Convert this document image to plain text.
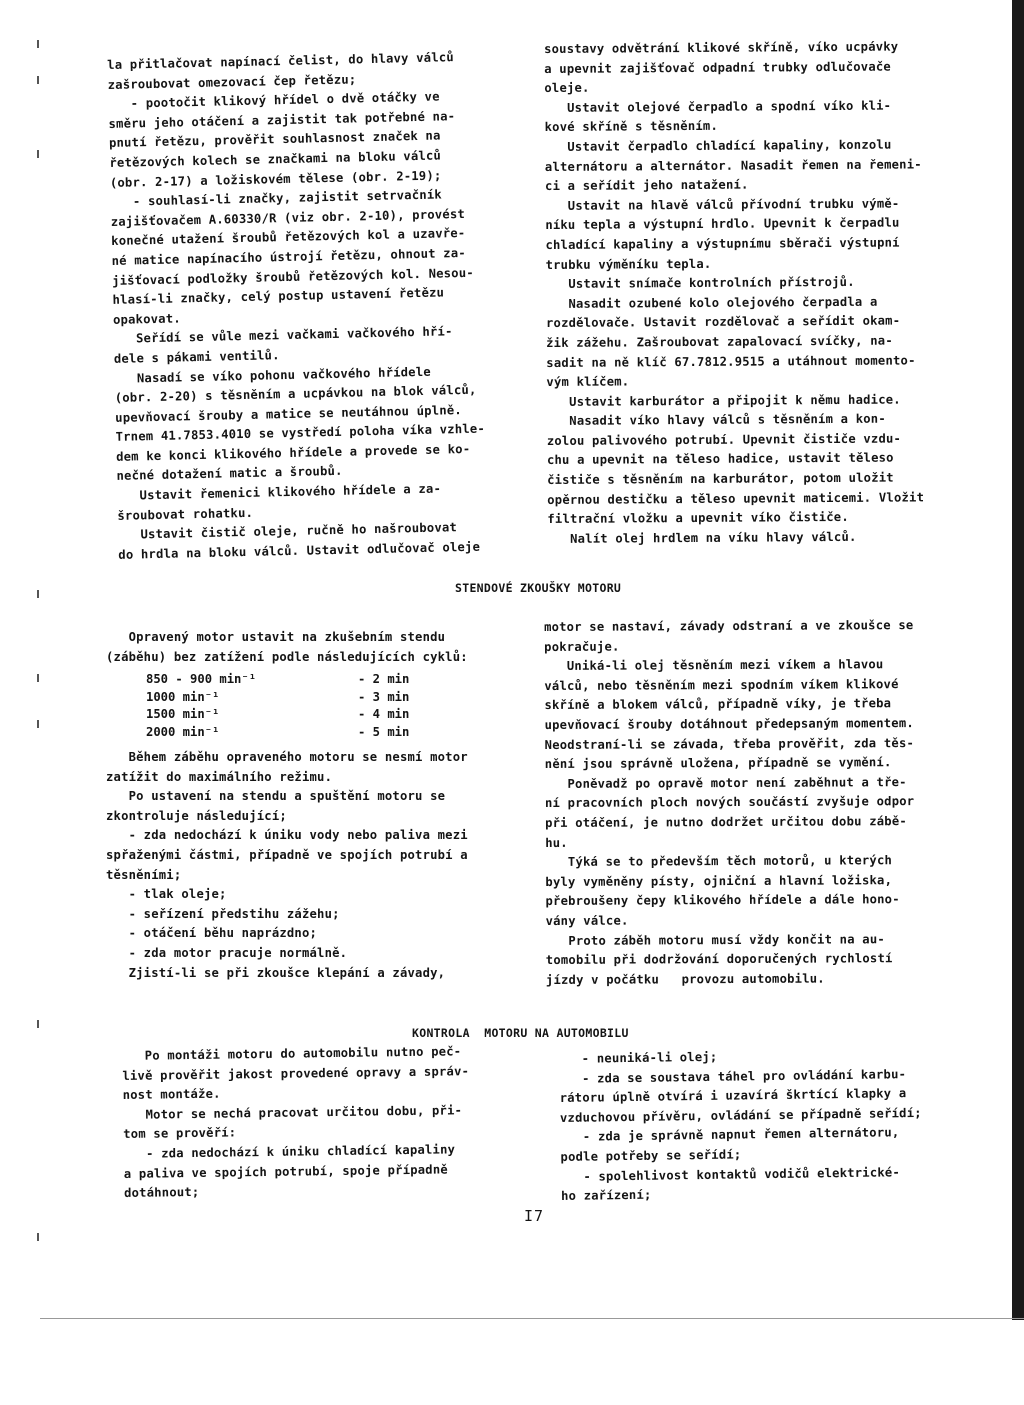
la přitlačovat napínací čelist, do hlavy válců

zašroubovat omezovací čep řetězu;

- pootočit klikový hřídel o dvě otáčky ve

směru jeho otáčení a zajistit tak potřebné na-

pnutí řetězu, prověřit souhlasnost značek na

řetězových kolech se značkami na bloku válců

(obr. 2-17) a ložiskovém tělese (obr. 2-19);

- souhlasí-li značky, zajistit setrvačník

zajišťovačem A.60330/R (viz obr. 2-10), provést

konečné utažení šroubů řetězových kol a uzavře-

né matice napínacího ústrojí řetězu, ohnout za-

jišťovací podložky šroubů řetězových kol. Nesou-

hlasí-li značky, celý postup ustavení řetězu

opakovat.

Seřídí se vůle mezi vačkami vačkového hří-

dele s pákami ventilů.

Nasadí se víko pohonu vačkového hřídele

(obr. 2-20) s těsněním a ucpávkou na blok válců,

upevňovací šrouby a matice se neutáhnou úplně.

Trnem 41.7853.4010 se vystředí poloha víka vzhle-

dem ke konci klikového hřídele a provede se ko-

nečné dotažení matic a šroubů.

Ustavit řemenici klikového hřídele a za-

šroubovat rohatku.

Ustavit čistič oleje, ručně ho našroubovat

do hrdla na bloku válců. Ustavit odlučovač oleje

soustavy odvětrání klikové skříně, víko ucpávky

a upevnit zajišťovač odpadní trubky odlučovače

oleje.

Ustavit olejové čerpadlo a spodní víko kli-

kové skříně s těsněním.

Ustavit čerpadlo chladící kapaliny, konzolu

alternátoru a alternátor. Nasadit řemen na řemeni-

ci a seřídit jeho natažení.

Ustavit na hlavě válců přívodní trubku výmě-

níku tepla a výstupní hrdlo. Upevnit k čerpadlu

chladící kapaliny a výstupnímu sběrači výstupní

trubku výměníku tepla.

Ustavit snímače kontrolních přístrojů.

Nasadit ozubené kolo olejového čerpadla a

rozdělovače. Ustavit rozdělovač a seřídit okam-

žik zážehu. Zašroubovat zapalovací svíčky, na-

sadit na ně klíč 67.7812.9515 a utáhnout momento-

vým klíčem.

Ustavit karburátor a připojit k němu hadice.

Nasadit víko hlavy válců s těsněním a kon-

zolou palivového potrubí. Upevnit čističe vzdu-

chu a upevnit na těleso hadice, ustavit těleso

čističe s těsněním na karburátor, potom uložit

opěrnou destičku a těleso upevnit maticemi. Vložit

filtrační vložku a upevnit víko čističe.

Nalít olej hrdlem na víku hlavy válců.

STENDOVÉ ZKOUŠKY MOTORU

Opravený motor ustavit na zkušebním stendu

(záběhu) bez zatížení podle následujících cyklů:

850 - 900 min⁻¹	- 2 min
1000 min⁻¹	- 3 min
1500 min⁻¹	- 4 min
2000 min⁻¹	- 5 min

Během záběhu opraveného motoru se nesmí motor

zatížit do maximálního režimu.

Po ustavení na stendu a spuštění motoru se

zkontroluje následující;

- zda nedochází k úniku vody nebo paliva mezi

spřaženými částmi, případně ve spojích potrubí a

těsněními;

- tlak oleje;

- seřízení předstihu zážehu;

- otáčení běhu naprázdno;

- zda motor pracuje normálně.

Zjistí-li se při zkoušce klepání a závady,

motor se nastaví, závady odstraní a ve zkoušce se

pokračuje.

Uniká-li olej těsněním mezi víkem a hlavou

válců, nebo těsněním mezi spodním víkem klikové

skříně a blokem válců, případně víky, je třeba

upevňovací šrouby dotáhnout předepsaným momentem.

Neodstraní-li se závada, třeba prověřit, zda těs-

nění jsou správně uložena, případně se vymění.

Poněvadž po opravě motor není zaběhnut a tře-

ní pracovních ploch nových součástí zvyšuje odpor

při otáčení, je nutno dodržet určitou dobu zábě-

hu.

Týká se to především těch motorů, u kterých

byly vyměněny písty, ojniční a hlavní ložiska,

přebroušeny čepy klikového hřídele a dále hono-

vány válce.

Proto záběh motoru musí vždy končit na au-

tomobilu při dodržování doporučených rychlostí

jízdy v počátku   provozu automobilu.

KONTROLA  MOTORU NA AUTOMOBILU

Po montáži motoru do automobilu nutno peč-

livě prověřit jakost provedené opravy a správ-

nost montáže.

Motor se nechá pracovat určitou dobu, při-

tom se prověří:

- zda nedochází k úniku chladící kapaliny

a paliva ve spojích potrubí, spoje případně

dotáhnout;

- neuniká-li olej;

- zda se soustava táhel pro ovládání karbu-

rátoru úplně otvírá i uzavírá škrtící klapky a

vzduchovou přívěru, ovládání se případně seřídí;

- zda je správně napnut řemen alternátoru,

podle potřeby se seřídí;

- spolehlivost kontaktů vodičů elektrické-

ho zařízení;

I7
